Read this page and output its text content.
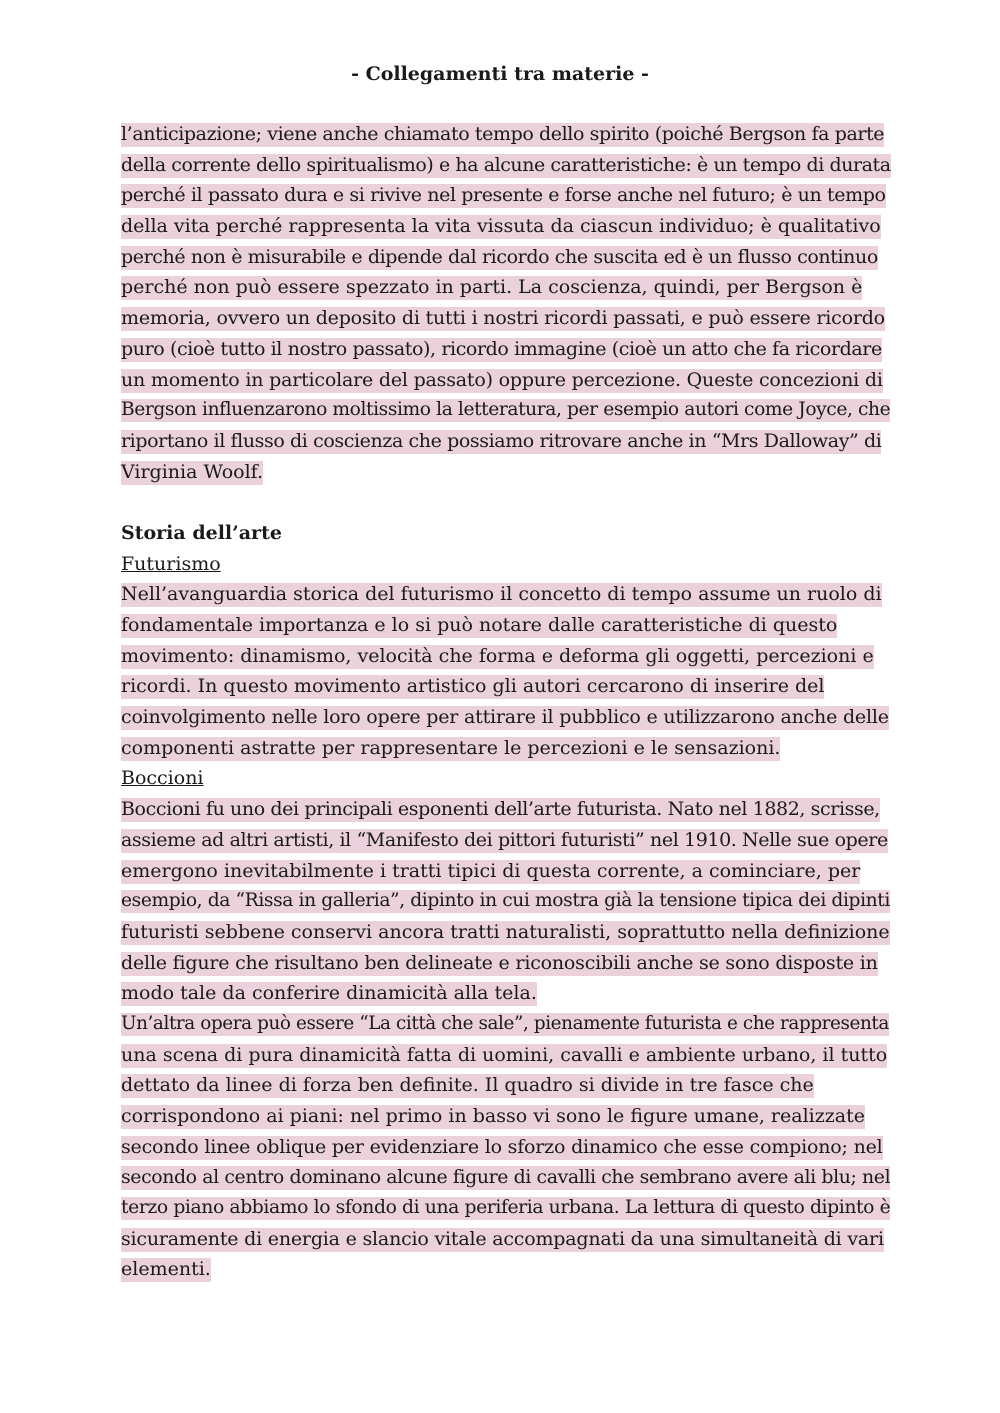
- Collegamenti tra materie -
l’anticipazione; viene anche chiamato tempo dello spirito (poiché Bergson fa parte
della corrente dello spiritualismo) e ha alcune caratteristiche: è un tempo di durata
perché il passato dura e si rivive nel presente e forse anche nel futuro; è un tempo
della vita perché rappresenta la vita vissuta da ciascun individuo; è qualitativo
perché non è misurabile e dipende dal ricordo che suscita ed è un flusso continuo
perché non può essere spezzato in parti. La coscienza, quindi, per Bergson è
memoria, ovvero un deposito di tutti i nostri ricordi passati, e può essere ricordo
puro (cioè tutto il nostro passato), ricordo immagine (cioè un atto che fa ricordare
un momento in particolare del passato) oppure percezione. Queste concezioni di
Bergson influenzarono moltissimo la letteratura, per esempio autori come Joyce, che
riportano il flusso di coscienza che possiamo ritrovare anche in “Mrs Dalloway” di
Virginia Woolf.
Storia dell’arte
Futurismo
Nell’avanguardia storica del futurismo il concetto di tempo assume un ruolo di
fondamentale importanza e lo si può notare dalle caratteristiche di questo
movimento: dinamismo, velocità che forma e deforma gli oggetti, percezioni e
ricordi. In questo movimento artistico gli autori cercarono di inserire del
coinvolgimento nelle loro opere per attirare il pubblico e utilizzarono anche delle
componenti astratte per rappresentare le percezioni e le sensazioni.
Boccioni
Boccioni fu uno dei principali esponenti dell’arte futurista. Nato nel 1882, scrisse,
assieme ad altri artisti, il “Manifesto dei pittori futuristi” nel 1910. Nelle sue opere
emergono inevitabilmente i tratti tipici di questa corrente, a cominciare, per
esempio, da “Rissa in galleria”, dipinto in cui mostra già la tensione tipica dei dipinti
futuristi sebbene conservi ancora tratti naturalisti, soprattutto nella definizione
delle figure che risultano ben delineate e riconoscibili anche se sono disposte in
modo tale da conferire dinamicità alla tela.
Un’altra opera può essere “La città che sale”, pienamente futurista e che rappresenta
una scena di pura dinamicità fatta di uomini, cavalli e ambiente urbano, il tutto
dettato da linee di forza ben definite. Il quadro si divide in tre fasce che
corrispondono ai piani: nel primo in basso vi sono le figure umane, realizzate
secondo linee oblique per evidenziare lo sforzo dinamico che esse compiono; nel
secondo al centro dominano alcune figure di cavalli che sembrano avere ali blu; nel
terzo piano abbiamo lo sfondo di una periferia urbana. La lettura di questo dipinto è
sicuramente di energia e slancio vitale accompagnati da una simultaneità di vari
elementi.
